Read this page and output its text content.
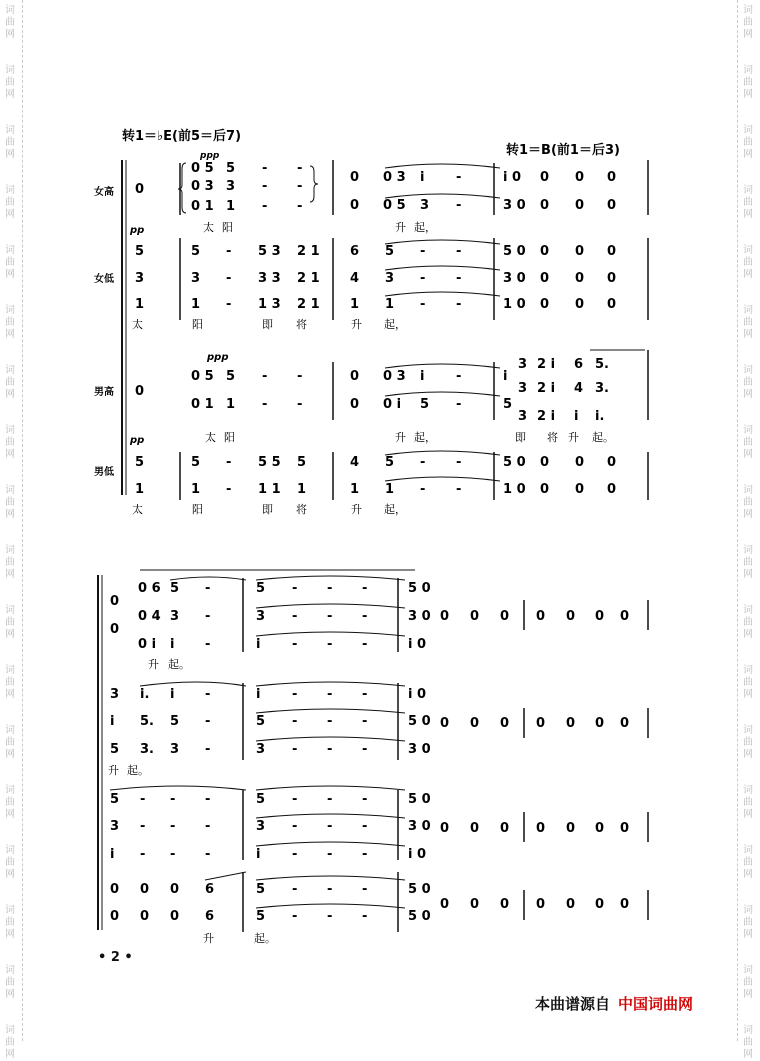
词
曲
网
词
曲
网
词
曲
网
词
曲
网
词
曲
网
词
曲
网
词
曲
网
词
曲
网
词
曲
网
词
曲
网
词
曲
网
词
曲
网
词
曲
网
词
曲
网
词
曲
网
词
曲
网
词
曲
网
词
曲
网
词
曲
网
词
曲
网
词
曲
网
词
曲
网
词
曲
网
词
曲
网
词
曲
网
词
曲
网
词
曲
网
词
曲
网
词
曲
网
词
曲
网
词
曲
网
词
曲
网
词
曲
网
词
曲
网
词
曲
网
词
曲
网
转1＝♭E(前5＝后7)
转1＝B(前1＝后3)
女高
女低
男高
男低
ppp
pp
ppp
pp
0
0 5 5 - -
0 3 3 - -
0 1 1 - -
0 0 3 i -	i 0 0 0 0
0 0 5 3 -	3 0 0 0 0
太 阳	升 起，
5
3
1
5 - 5 3 2 1
3 - 3 3 2 1
1 - 1 3 2 1
6 5 - -
4 3 - -
1 1 - -
5 0 0 0 0
3 0 0 0 0
1 0 0 0 0
太	阳	即 将	升 起，
0
0 5 5 - -
0 1 1 - -
0 0 3 i -
0 0 i 5 -
i
5
3 2 i 6 5.
3 2 i 4 3.
3 2 i i i.
太 阳	升 起，	即 将 升 起。
5
1
5 - 5 5 5
1 - 1 1 1
4 5 - -
1 1 - -
5 0 0 0 0
1 0 0 0 0
太	阳	即 将	升 起，
0
0
0 6 5 -
0 4 3 -
0 i i -
5 - - -
3 - - -
i - - -
5 0
3 0
i 0
0 0 0 0 0 0 0
升 起。
3 i. i -
i 5. 5 -
5 3. 3 -
i - - -
5 - - -
3 - - -
i 0
5 0
3 0
0 0 0 0 0 0 0
升 起。
5 - - -
3 - - -
i - - -
5 - - -
3 - - -
i - - -
5 0
3 0
i 0
0 0 0 0 0 0 0
0 0 0 6
0 0 0 6
5 - - -
5 - - -
5 0
5 0
0 0 0 0 0 0 0
升	起。
• 2 •
本曲谱源自 中国词曲网
